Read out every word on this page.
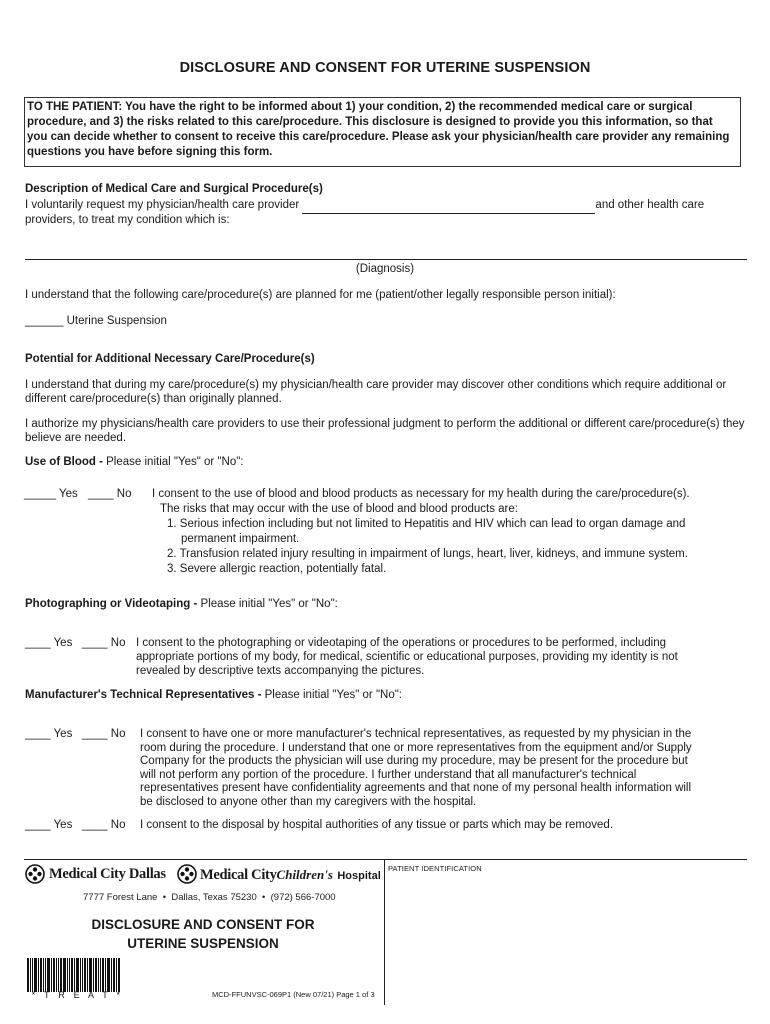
DISCLOSURE AND CONSENT FOR UTERINE SUSPENSION
TO THE PATIENT: You have the right to be informed about 1) your condition, 2) the recommended medical care or surgical procedure, and 3) the risks related to this care/procedure. This disclosure is designed to provide you this information, so that you can decide whether to consent to receive this care/procedure. Please ask your physician/health care provider any remaining questions you have before signing this form.
Description of Medical Care and Surgical Procedure(s)
I voluntarily request my physician/health care provider	and other health care
providers, to treat my condition which is:
(Diagnosis)
I understand that the following care/procedure(s) are planned for me (patient/other legally responsible person initial):
______ Uterine Suspension
Potential for Additional Necessary Care/Procedure(s)
I understand that during my care/procedure(s) my physician/health care provider may discover other conditions which require additional or different care/procedure(s) than originally planned.
I authorize my physicians/health care providers to use their professional judgment to perform the additional or different care/procedure(s) they believe are needed.
Use of Blood - Please initial "Yes" or "No":
_____ Yes ____ No I consent to the use of blood and blood products as necessary for my health during the care/procedure(s).
The risks that may occur with the use of blood and blood products are:
1. Serious infection including but not limited to Hepatitis and HIV which can lead to organ damage and
permanent impairment.
2. Transfusion related injury resulting in impairment of lungs, heart, liver, kidneys, and immune system.
3. Severe allergic reaction, potentially fatal.
Photographing or Videotaping - Please initial "Yes" or "No":
____ Yes ____ No I consent to the photographing or videotaping of the operations or procedures to be performed, including
appropriate portions of my body, for medical, scientific or educational purposes, providing my identity is not
revealed by descriptive texts accompanying the pictures.
Manufacturer's Technical Representatives - Please initial "Yes" or "No":
____ Yes ____ No I consent to have one or more manufacturer's technical representatives, as requested by my physician in the
room during the procedure. I understand that one or more representatives from the equipment and/or Supply
Company for the products the physician will use during my procedure, may be present for the procedure but
will not perform any portion of the procedure. I further understand that all manufacturer's technical
representatives present have confidentiality agreements and that none of my personal health information will
be disclosed to anyone other than my caregivers with the hospital.
____ Yes ____ No I consent to the disposal by hospital authorities of any tissue or parts which may be removed.
PATIENT IDENTIFICATION
Medical City Dallas Medical CityChildren's Hospital
7777 Forest Lane  •  Dallas, Texas 75230  •  (972) 566-7000
DISCLOSURE AND CONSENT FOR
UTERINE SUSPENSION
* T R E A T *	MCD-FFUNVSC-069P1 (New 07/21) Page 1 of 3
